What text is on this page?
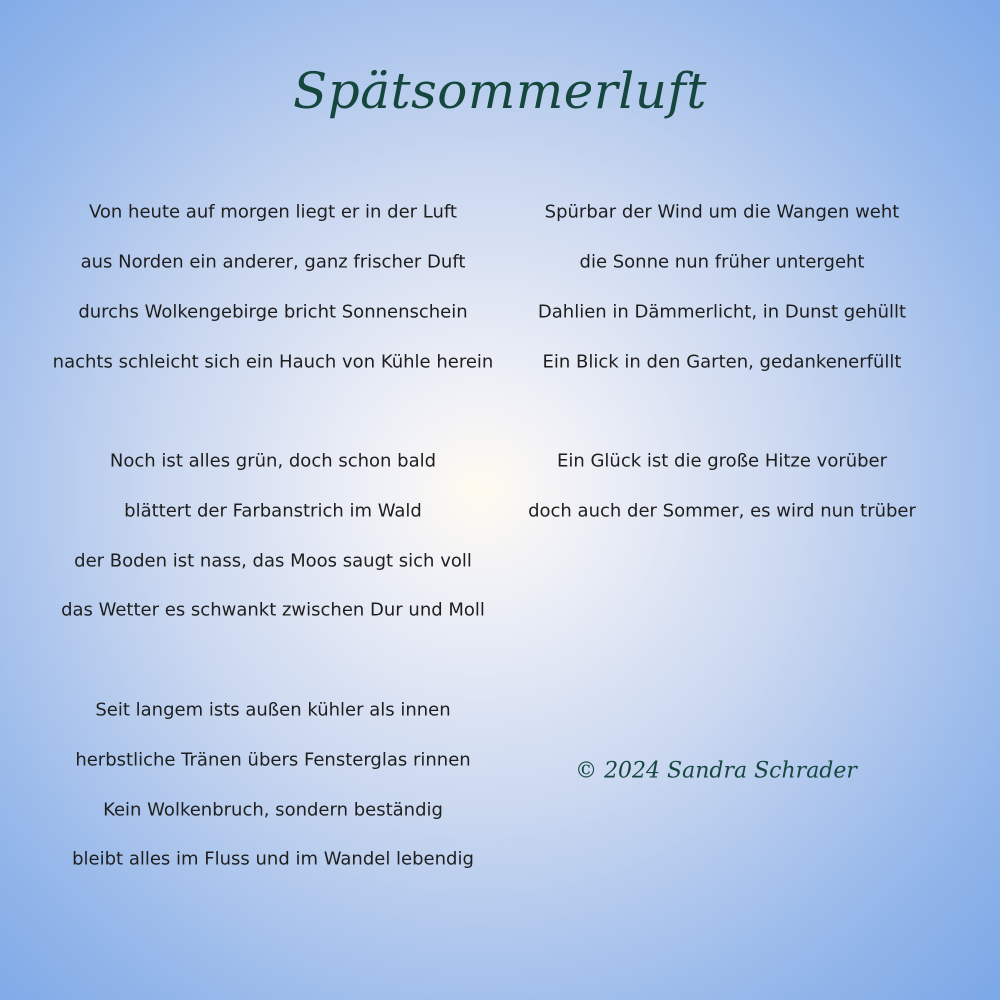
Spätsommerluft
Von heute auf morgen liegt er in der Luft
aus Norden ein anderer, ganz frischer Duft
durchs Wolkengebirge bricht Sonnenschein
nachts schleicht sich ein Hauch von Kühle herein
Noch ist alles grün, doch schon bald
blättert der Farbanstrich im Wald
der Boden ist nass, das Moos saugt sich voll
das Wetter es schwankt zwischen Dur und Moll
Seit langem ists außen kühler als innen
herbstliche Tränen übers Fensterglas rinnen
Kein Wolkenbruch, sondern beständig
bleibt alles im Fluss und im Wandel lebendig
Spürbar der Wind um die Wangen weht
die Sonne nun früher untergeht
Dahlien in Dämmerlicht, in Dunst gehüllt
Ein Blick in den Garten, gedankenerfüllt
Ein Glück ist die große Hitze vorüber
doch auch der Sommer, es wird nun trüber
© 2024 Sandra Schrader
